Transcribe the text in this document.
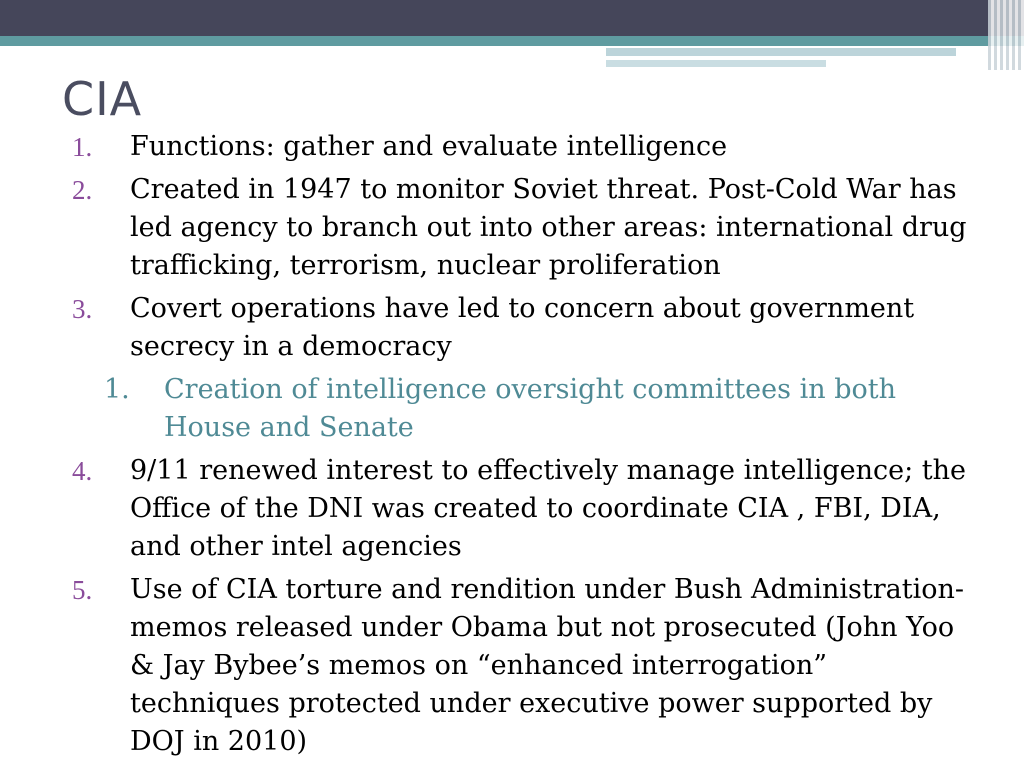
CIA
1.	Functions: gather and evaluate intelligence
2.	Created in 1947 to monitor Soviet threat. Post-Cold War has led agency to branch out into other areas: international drug trafficking, terrorism, nuclear proliferation
3.	Covert operations have led to concern about government secrecy in a democracy
1.	Creation of intelligence oversight committees in both House and Senate
4.	9/11 renewed interest to effectively manage intelligence; the Office of the DNI was created to coordinate CIA , FBI, DIA, and other intel agencies
5.	Use of CIA torture and rendition under Bush Administration-memos released under Obama but not prosecuted (John Yoo & Jay Bybee’s memos on “enhanced interrogation” techniques protected under executive power supported by DOJ in 2010)
